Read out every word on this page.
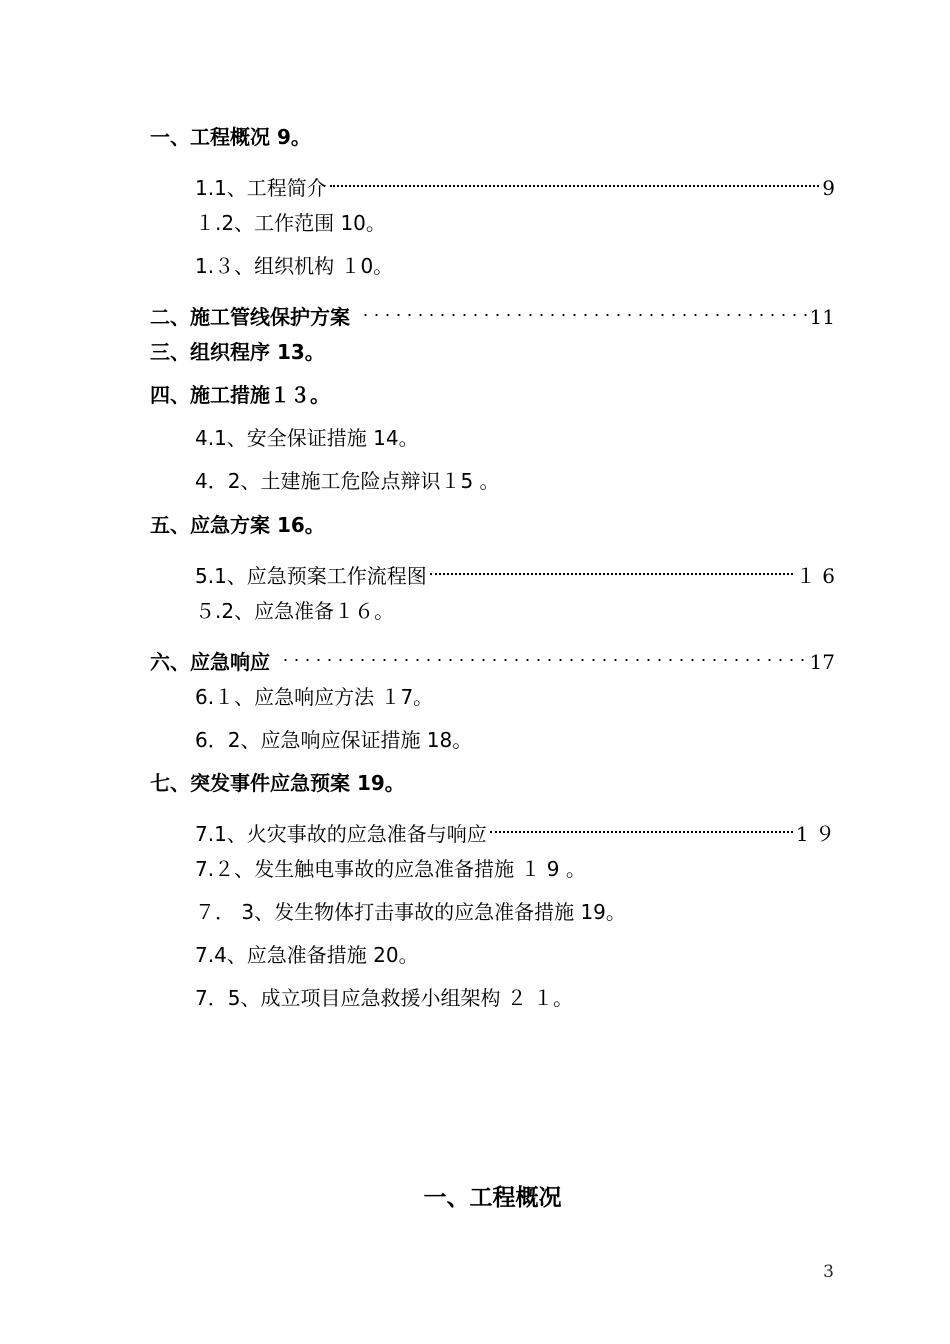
一、工程概况 9｡
1.1、工程简介	9
１.2、工作范围 10｡
1.３、组织机构 １0｡
二、施工管线保护方案	11
三、组织程序 13｡
四、施工措施１３｡
4.1、安全保证措施 14｡
4．2、土建施工危险点辩识１5 ｡
五、应急方案 16｡
5.1、应急预案工作流程图	１ 6
５.2、应急准备１６｡
六、应急响应	17
6.１、应急响应方法 １7｡
6．2、应急响应保证措施 18｡
七、突发事件应急预案 19｡
7.1、火灾事故的应急准备与响应	1 ９
7.２、发生触电事故的应急准备措施 １ 9 ｡
７． 3、发生物体打击事故的应急准备措施 19｡
7.4、应急准备措施 20｡
7．5、成立项目应急救援小组架构 ２ １｡
一、工程概况
3
